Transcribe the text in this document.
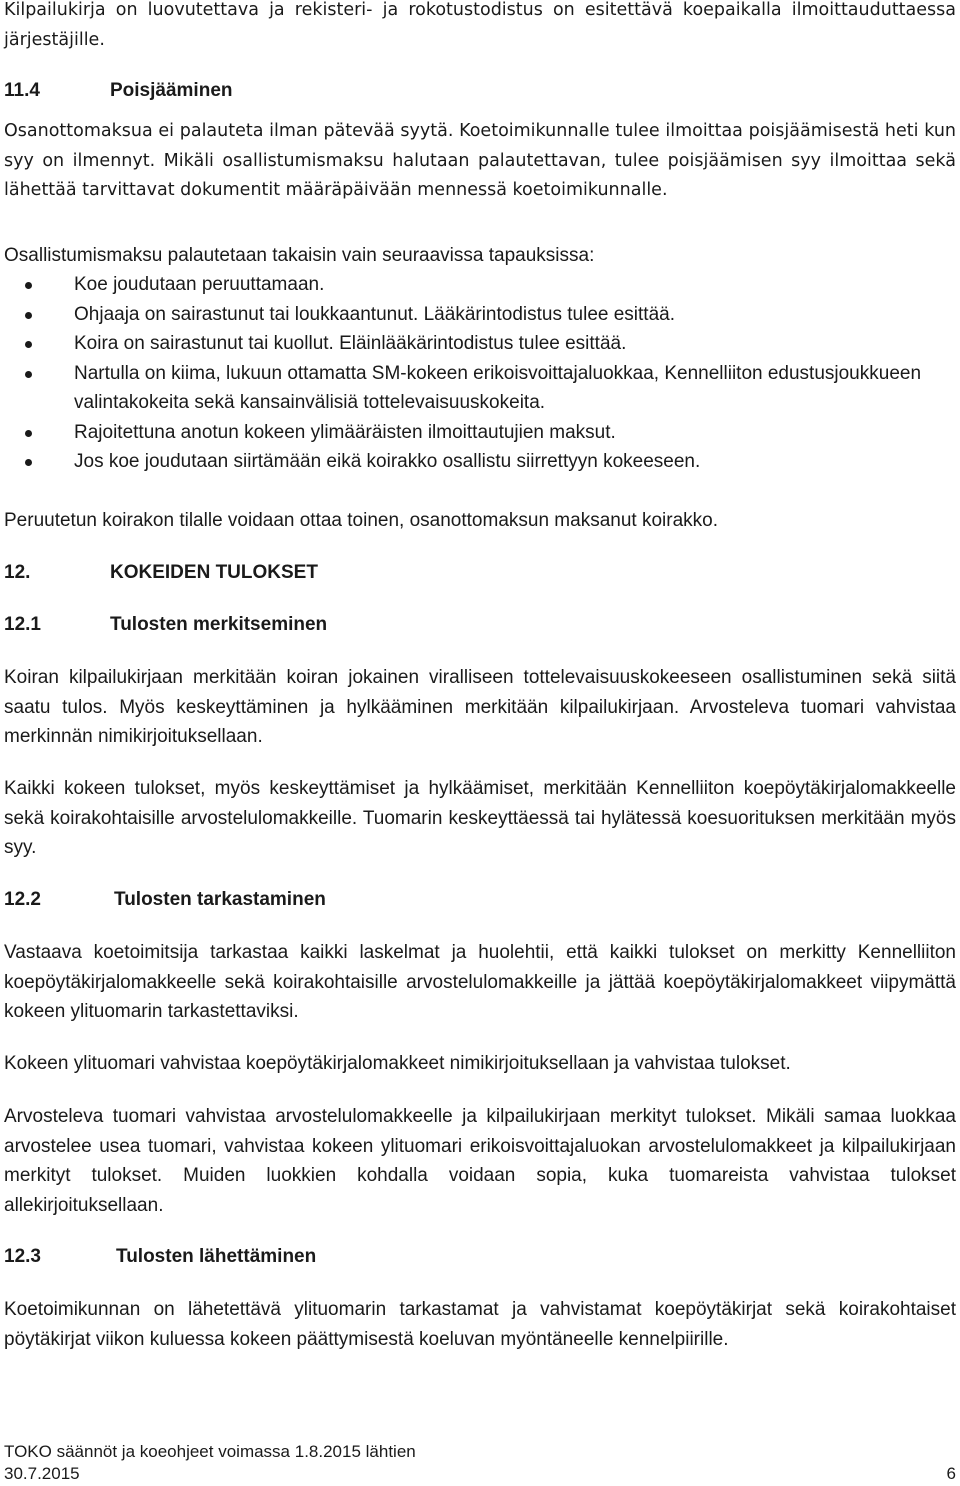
Kilpailukirja on luovutettava ja rekisteri- ja rokotustodistus on esitettävä koepaikalla ilmoittauduttaessa järjestäjille.
11.4	Poisjääminen
Osanottomaksua ei palauteta ilman pätevää syytä. Koetoimikunnalle tulee ilmoittaa poisjäämisestä heti kun syy on ilmennyt. Mikäli osallistumismaksu halutaan palautettavan, tulee poisjäämisen syy ilmoittaa sekä lähettää tarvittavat dokumentit määräpäivään mennessä koetoimikunnalle.
Osallistumismaksu palautetaan takaisin vain seuraavissa tapauksissa:
Koe joudutaan peruuttamaan.
Ohjaaja on sairastunut tai loukkaantunut. Lääkärintodistus tulee esittää.
Koira on sairastunut tai kuollut. Eläinlääkärintodistus tulee esittää.
Nartulla on kiima, lukuun ottamatta SM-kokeen erikoisvoittajaluokkaa, Kennelliiton edustusjoukkueen valintakokeita sekä kansainvälisiä tottelevaisuuskokeita.
Rajoitettuna anotun kokeen ylimääräisten ilmoittautujien maksut.
Jos koe joudutaan siirtämään eikä koirakko osallistu siirrettyyn kokeeseen.
Peruutetun koirakon tilalle voidaan ottaa toinen, osanottomaksun maksanut koirakko.
12.	KOKEIDEN TULOKSET
12.1	Tulosten merkitseminen
Koiran kilpailukirjaan merkitään koiran jokainen viralliseen tottelevaisuuskokeeseen osallistuminen sekä siitä saatu tulos. Myös keskeyttäminen ja hylkääminen merkitään kilpailukirjaan. Arvosteleva tuomari vahvistaa merkinnän nimikirjoituksellaan.
Kaikki kokeen tulokset, myös keskeyttämiset ja hylkäämiset, merkitään Kennelliiton koepöytäkirjalomakkeelle sekä koirakohtaisille arvostelulomakkeille. Tuomarin keskeyttäessä tai hylätessä koesuorituksen merkitään myös syy.
12.2	Tulosten tarkastaminen
Vastaava koetoimitsija tarkastaa kaikki laskelmat ja huolehtii, että kaikki tulokset on merkitty Kennelliiton koepöytäkirjalomakkeelle sekä koirakohtaisille arvostelulomakkeille ja jättää koepöytäkirjalomakkeet viipymättä kokeen ylituomarin tarkastettaviksi.
Kokeen ylituomari vahvistaa koepöytäkirjalomakkeet nimikirjoituksellaan ja vahvistaa tulokset.
Arvosteleva tuomari vahvistaa arvostelulomakkeelle ja kilpailukirjaan merkityt tulokset. Mikäli samaa luokkaa arvostelee usea tuomari, vahvistaa kokeen ylituomari erikoisvoittajaluokan arvostelulomakkeet ja kilpailukirjaan merkityt tulokset. Muiden luokkien kohdalla voidaan sopia, kuka tuomareista vahvistaa tulokset allekirjoituksellaan.
12.3	Tulosten lähettäminen
Koetoimikunnan on lähetettävä ylituomarin tarkastamat ja vahvistamat koepöytäkirjat sekä koirakohtaiset pöytäkirjat viikon kuluessa kokeen päättymisestä koeluvan myöntäneelle kennelpiirille.
TOKO säännöt ja koeohjeet voimassa 1.8.2015 lähtien
30.7.2015	6
